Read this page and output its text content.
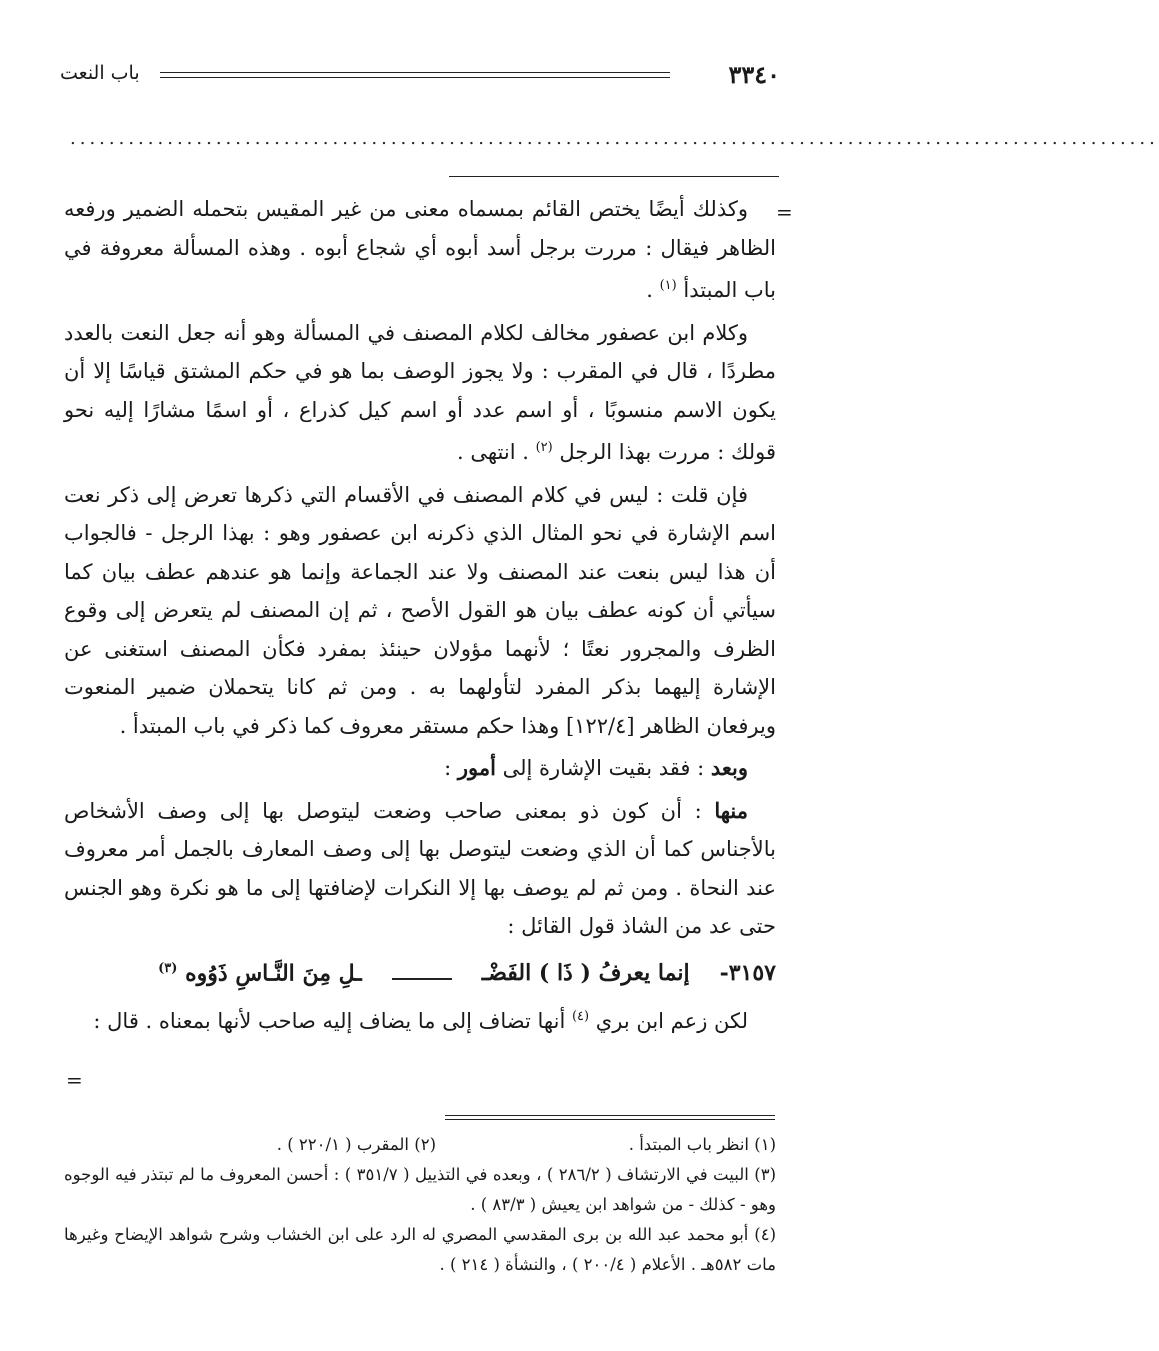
٣٣٤٠
باب النعت
................................................................................................................
=

وكذلك أيضًا يختص القائم بمسماه معنى من غير المقيس بتحمله الضمير ورفعه الظاهر فيقال : مررت برجل أسد أبوه أي شجاع أبوه . وهذه المسألة معروفة في باب المبتدأ $^{(١)}$ .

وكلام ابن عصفور مخالف لكلام المصنف في المسألة وهو أنه جعل النعت بالعدد مطردًا ، قال في المقرب : ولا يجوز الوصف بما هو في حكم المشتق قياسًا إلا أن يكون الاسم منسوبًا ، أو اسم عدد أو اسم كيل كذراع ، أو اسمًا مشارًا إليه نحو قولك : مررت بهذا الرجل $^{(٢)}$ . انتهى .

فإن قلت : ليس في كلام المصنف في الأقسام التي ذكرها تعرض إلى ذكر نعت اسم الإشارة في نحو المثال الذي ذكرنه ابن عصفور وهو : بهذا الرجل - فالجواب أن هذا ليس بنعت عند المصنف ولا عند الجماعة وإنما هو عندهم عطف بيان كما سيأتي أن كونه عطف بيان هو القول الأصح ، ثم إن المصنف لم يتعرض إلى وقوع الظرف والمجرور نعتًا ؛ لأنهما مؤولان حينئذ بمفرد فكأن المصنف استغنى عن الإشارة إليهما بذكر المفرد لتأولهما به . ومن ثم كانا يتحملان ضمير المنعوت ويرفعان الظاهر [١٢٢/٤] وهذا حكم مستقر معروف كما ذكر في باب المبتدأ .

وبعد : فقد بقيت الإشارة إلى أمور :

منها : أن كون ذو بمعنى صاحب وضعت ليتوصل بها إلى وصف الأشخاص بالأجناس كما أن الذي وضعت ليتوصل بها إلى وصف المعارف بالجمل أمر معروف عند النحاة . ومن ثم لم يوصف بها إلا النكرات لإضافتها إلى ما هو نكرة وهو الجنس حتى عد من الشاذ قول القائل :

٣١٥٧-
إنما يعرفُ ( ذَا ) الفَضْـ
ـلِ مِنَ النَّـاسِ ذَوُوه $^{(٣)}$

لكن زعم ابن بري $^{(٤)}$ أنها تضاف إلى ما يضاف إليه صاحب لأنها بمعناه . قال :

=
(١) انظر باب المبتدأ .
(٢) المقرب ( ٢٢٠/١ ) .

(٣) البيت في الارتشاف ( ٢٨٦/٢ ) ، وبعده في التذييل ( ٣٥١/٧ ) : أحسن المعروف ما لم تبتذر فيه الوجوه وهو - كذلك - من شواهد ابن يعيش ( ٨٣/٣ ) .

(٤) أبو محمد عبد الله بن برى المقدسي المصري له الرد على ابن الخشاب وشرح شواهد الإيضاح وغيرها مات ٥٨٢هـ . الأعلام ( ٢٠٠/٤ ) ، والنشأة ( ٢١٤ ) .
